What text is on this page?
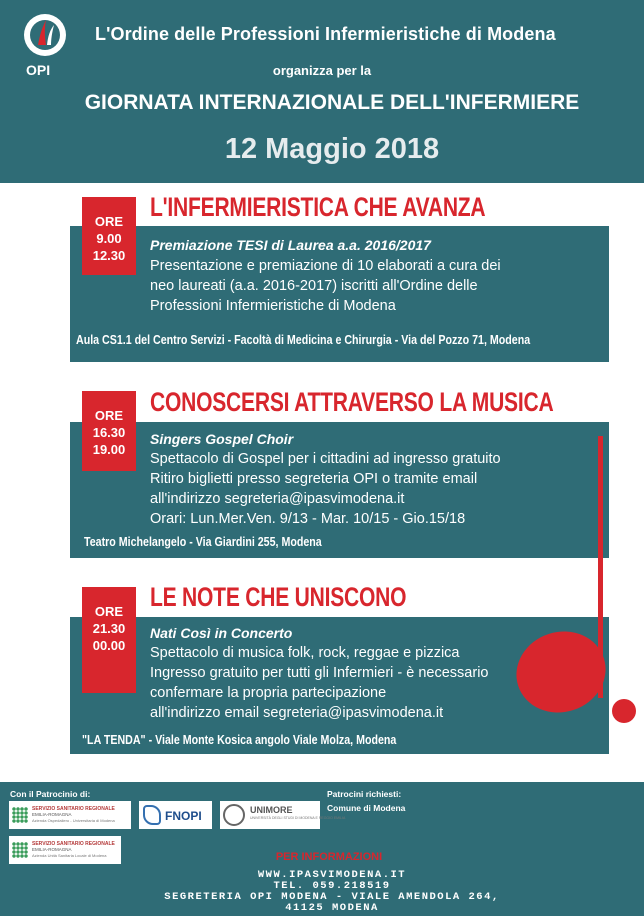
OPI
L'Ordine delle Professioni Infermieristiche di Modena
organizza per la
GIORNATA INTERNAZIONALE DELL'INFERMIERE
12 Maggio 2018
ORE
9.00
12.30
L'INFERMIERISTICA CHE AVANZA
Premiazione TESI di Laurea a.a. 2016/2017
Presentazione e premiazione di 10 elaborati a cura dei
neo laureati (a.a. 2016-2017) iscritti all'Ordine delle
Professioni Infermieristiche di Modena
Aula CS1.1 del Centro Servizi - Facoltà di Medicina e Chirurgia - Via del Pozzo 71, Modena
ORE
16.30
19.00
CONOSCERSI ATTRAVERSO LA MUSICA
Singers Gospel Choir
Spettacolo di Gospel per i cittadini ad ingresso gratuito
Ritiro biglietti presso segreteria OPI o tramite email
all'indirizzo segreteria@ipasvimodena.it
Orari: Lun.Mer.Ven. 9/13 - Mar. 10/15 - Gio.15/18
Teatro Michelangelo - Via Giardini 255, Modena
ORE
21.30
00.00
LE NOTE CHE UNISCONO
Nati Così in Concerto
Spettacolo di musica folk, rock, reggae e pizzica
Ingresso gratuito per tutti gli Infermieri - è necessario
confermare la propria partecipazione
all'indirizzo email segreteria@ipasvimodena.it
"LA TENDA" - Viale Monte Kosica angolo Viale Molza, Modena
Con il Patrocinio di:	Patrocini richiesti:
Comune di Modena
SERVIZIO SANITARIO REGIONALE
EMILIA-ROMAGNA
Azienda Ospedaliero - Universitaria di Modena	FNOPI	UNIMORE
UNIVERSITÀ DEGLI STUDI DI MODENA E REGGIO EMILIA
SERVIZIO SANITARIO REGIONALE
EMILIA-ROMAGNA
Azienda Unità Sanitaria Locale di Modena	PER INFORMAZIONI
WWW.IPASVIMODENA.IT
TEL. 059.218519
SEGRETERIA OPI MODENA - VIALE AMENDOLA 264,
41125 MODENA
